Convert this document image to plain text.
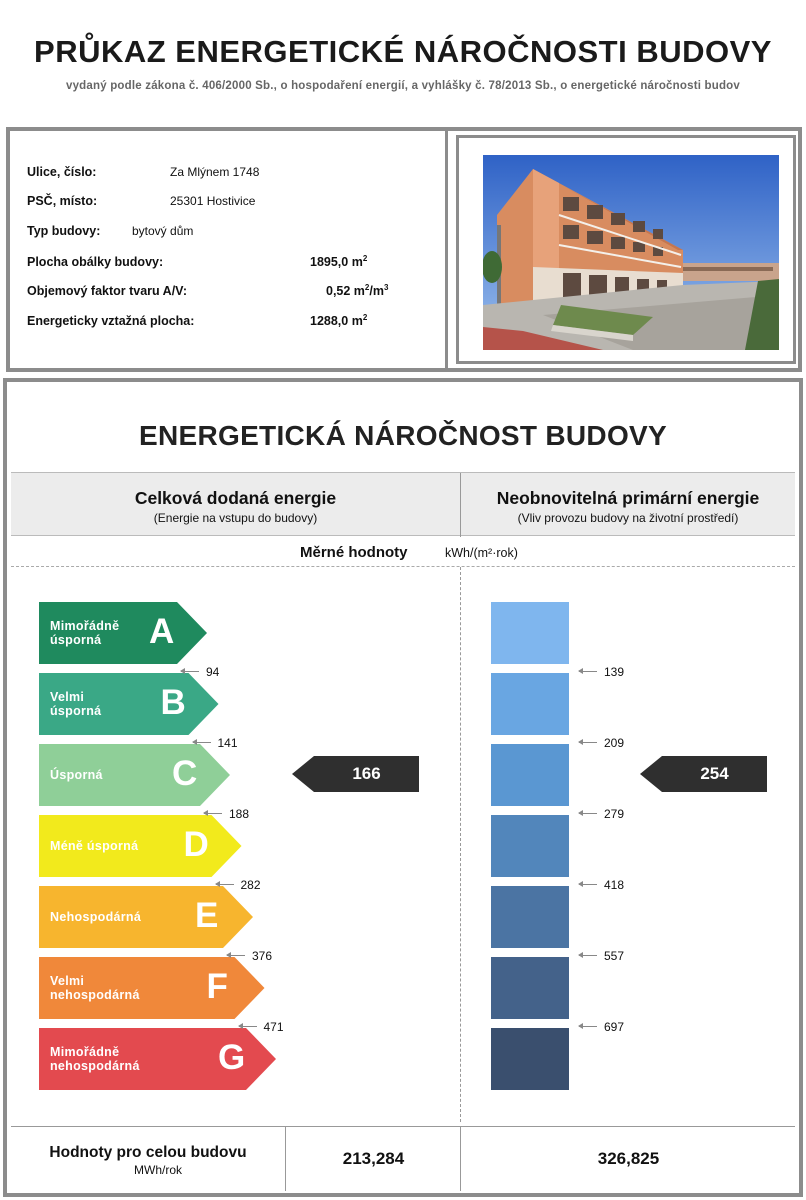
PRŮKAZ ENERGETICKÉ NÁROČNOSTI BUDOVY
vydaný podle zákona č. 406/2000 Sb., o hospodaření energií, a vyhlášky č. 78/2013 Sb., o energetické náročnosti budov
Ulice, číslo:	Za Mlýnem 1748
PSČ, místo:	25301 Hostivice
Typ budovy:	bytový dům
Plocha obálky budovy:	1895,0 $m^2$
Objemový faktor tvaru A/V:	0,52 $m^2/m^3$
Energeticky vztažná plocha:	1288,0 $m^2$
ENERGETICKÁ NÁROČNOST BUDOVY
Celková dodaná energie
(Energie na vstupu do budovy)
Neobnovitelná primární energie
(Vliv provozu budovy na životní prostředí)
Měrné hodnoty	kWh/(m²·rok)
Mimořádně
úsporná	A
Velmi
úsporná B
Úsporná C
Méně úsporná D
Nehospodárná E
Velmi
nehospodárná F
Mimořádně
nehospodárná G
94
141
188
282
376
471
139
209
279
418
557
697
166	254
Hodnoty pro celou budovu
MWh/rok
213,284	326,825
